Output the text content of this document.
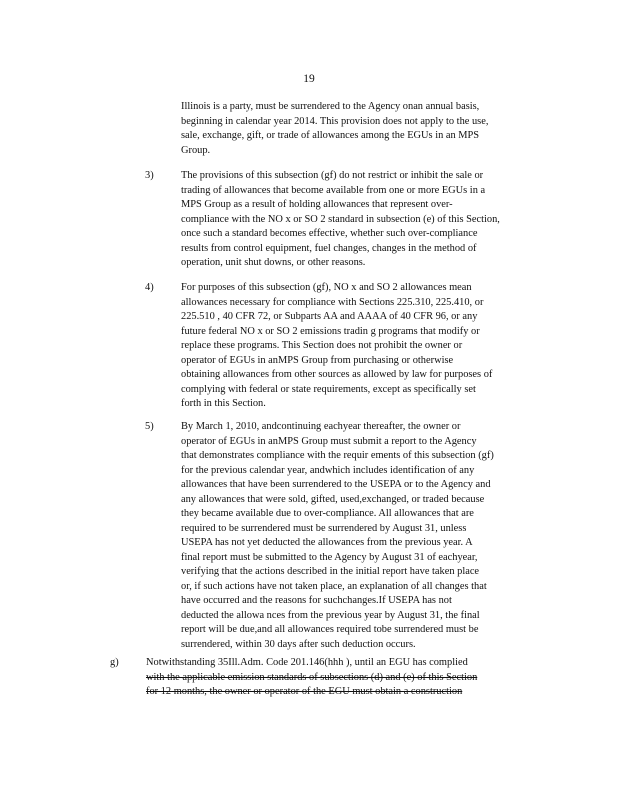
19
Illinois is a party, must be surrendered to the Agency onan annual basis,
beginning in calendar year 2014. This provision does not apply to the use,
sale, exchange, gift, or trade of allowances among the EGUs in an MPS
Group.
3)	The provisions of this subsection (gf) do not restrict or inhibit the sale or
trading of allowances that become available from one or more EGUs in a
MPS Group as a result of holding allowances that represent over-
compliance with the NO x or SO 2 standard in subsection (e) of this Section,
once such a standard becomes effective, whether such over-compliance
results from control equipment, fuel changes, changes in the method of
operation, unit shut downs, or other reasons.
4)	For purposes of this subsection (gf), NO x and SO 2 allowances mean
allowances necessary for compliance with Sections 225.310, 225.410, or
225.510 , 40 CFR 72, or Subparts AA and AAAA of 40 CFR 96, or any
future federal NO x or SO 2 emissions tradin g programs that modify or
replace these programs. This Section does not prohibit the owner or
operator of EGUs in anMPS Group from purchasing or otherwise
obtaining allowances from other sources as allowed by law for purposes of
complying with federal or state requirements, except as specifically set
forth in this Section.
5)	By March 1, 2010, andcontinuing eachyear thereafter, the owner or
operator of EGUs in anMPS Group must submit a report to the Agency
that demonstrates compliance with the requir ements of this subsection (gf)
for the previous calendar year, andwhich includes identification of any
allowances that have been surrendered to the USEPA or to the Agency and
any allowances that were sold, gifted, used,exchanged, or traded because
they became available due to over-compliance. All allowances that are
required to be surrendered must be surrendered by August 31, unless
USEPA has not yet deducted the allowances from the previous year. A
final report must be submitted to the Agency by August 31 of eachyear,
verifying that the actions described in the initial report have taken place
or, if such actions have not taken place, an explanation of all changes that
have occurred and the reasons for suchchanges.If USEPA has not
deducted the allowa nces from the previous year by August 31, the final
report will be due,and all allowances required tobe surrendered must be
surrendered, within 30 days after such deduction occurs.
g)	Notwithstanding 35Ill.Adm. Code 201.146(hhh ), until an EGU has complied
with the applicable emission standards of subsections (d) and (e) of this Section
for 12 months, the owner or operator of the EGU must obtain a construction
